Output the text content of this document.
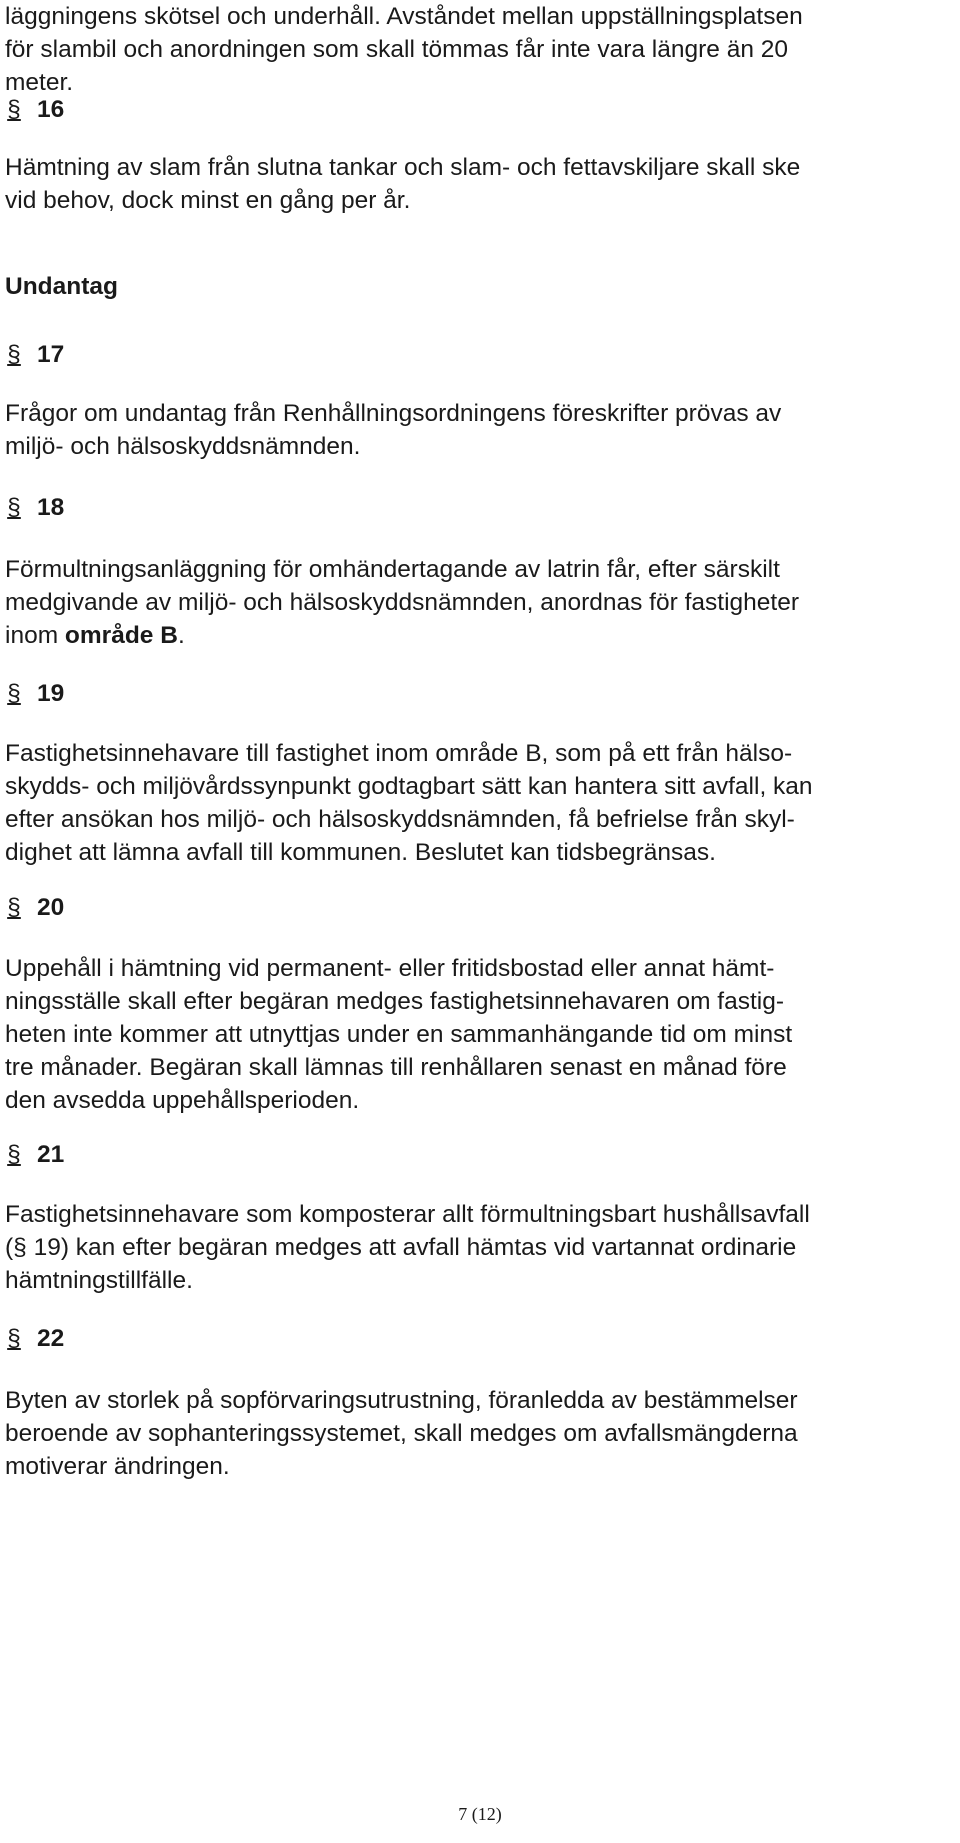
läggningens skötsel och underhåll. Avståndet mellan uppställningsplatsen
för slambil och anordningen som skall tömmas får inte vara längre än 20
meter.
§ 16
Hämtning av slam från slutna tankar och slam- och fettavskiljare skall ske
vid behov, dock minst en gång per år.
Undantag
§ 17
Frågor om undantag från Renhållningsordningens föreskrifter prövas av
miljö- och hälsoskyddsnämnden.
§ 18
Förmultningsanläggning för omhändertagande av latrin får, efter särskilt
medgivande av miljö- och hälsoskyddsnämnden, anordnas för fastigheter
inom område B.
§ 19
Fastighetsinnehavare till fastighet inom område B, som på ett från hälso-
skydds- och miljövårdssynpunkt godtagbart sätt kan hantera sitt avfall, kan
efter ansökan hos miljö- och hälsoskyddsnämnden, få befrielse från skyl-
dighet att lämna avfall till kommunen. Beslutet kan tidsbegränsas.
§ 20
Uppehåll i hämtning vid permanent- eller fritidsbostad eller annat hämt-
ningsställe skall efter begäran medges fastighetsinnehavaren om fastig-
heten inte kommer att utnyttjas under en sammanhängande tid om minst
tre månader. Begäran skall lämnas till renhållaren senast en månad före
den avsedda uppehållsperioden.
§ 21
Fastighetsinnehavare som komposterar allt förmultningsbart hushållsavfall
(§ 19) kan efter begäran medges att avfall hämtas vid vartannat ordinarie
hämtningstillfälle.
§ 22
Byten av storlek på sopförvaringsutrustning, föranledda av bestämmelser
beroende av sophanteringssystemet, skall medges om avfallsmängderna
motiverar ändringen.
7 (12)
